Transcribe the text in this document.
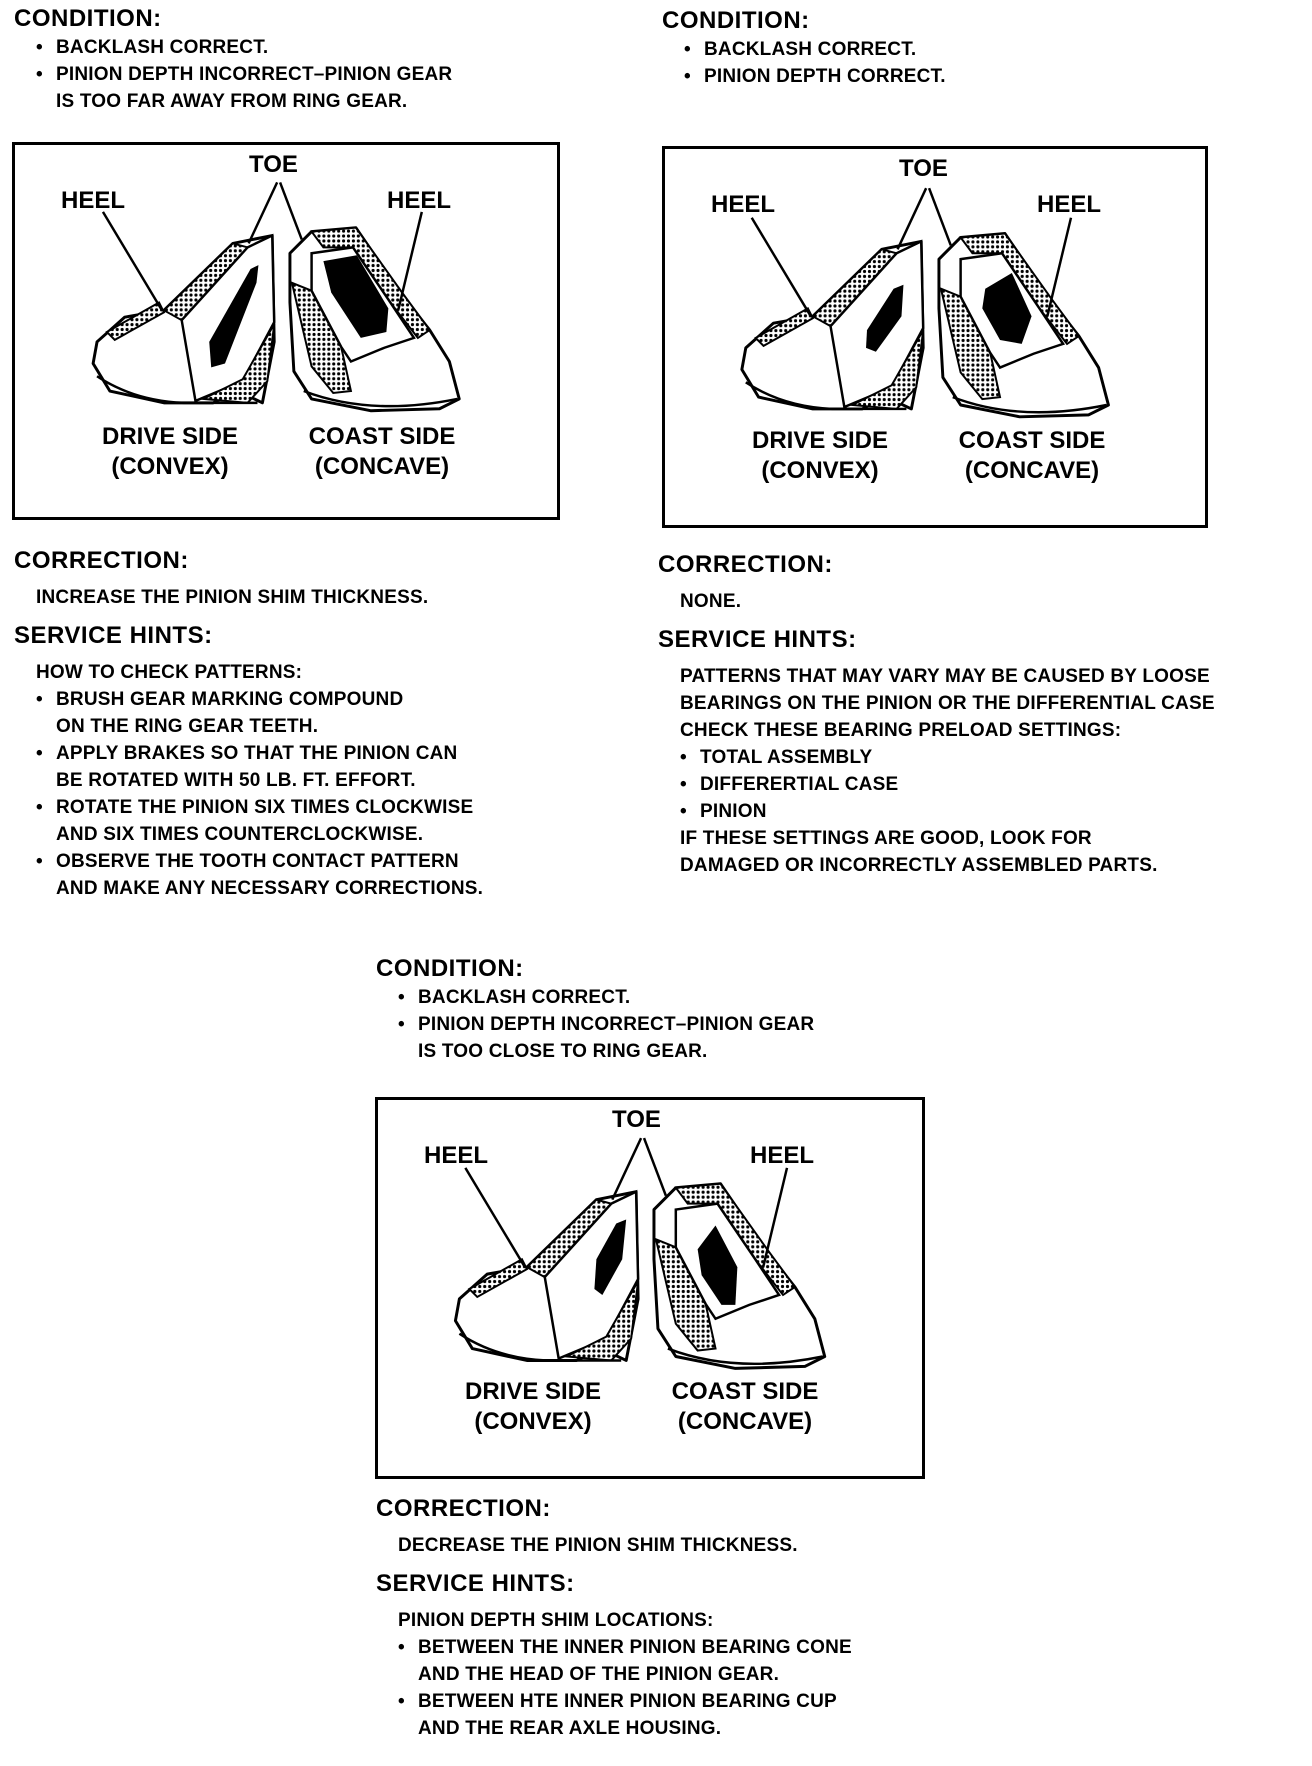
CONDITION:
• BACKLASH CORRECT.
• PINION DEPTH INCORRECT–PINION GEAR
IS TOO FAR AWAY FROM RING GEAR.
TOE
HEEL	HEEL
DRIVE SIDE
(CONVEX)
COAST SIDE
(CONCAVE)
CORRECTION:
INCREASE THE PINION SHIM THICKNESS.
SERVICE HINTS:
HOW TO CHECK PATTERNS:
• BRUSH GEAR MARKING COMPOUND
ON THE RING GEAR TEETH.
• APPLY BRAKES SO THAT THE PINION CAN
BE ROTATED WITH 50 LB. FT. EFFORT.
• ROTATE THE PINION SIX TIMES CLOCKWISE
AND SIX TIMES COUNTERCLOCKWISE.
• OBSERVE THE TOOTH CONTACT PATTERN
AND MAKE ANY NECESSARY CORRECTIONS.
CONDITION:
• BACKLASH CORRECT.
• PINION DEPTH CORRECT.
TOE
HEEL	HEEL
DRIVE SIDE
(CONVEX)
COAST SIDE
(CONCAVE)
CORRECTION:
NONE.
SERVICE HINTS:
PATTERNS THAT MAY VARY MAY BE CAUSED BY LOOSE
BEARINGS ON THE PINION OR THE DIFFERENTIAL CASE
CHECK THESE BEARING PRELOAD SETTINGS:
• TOTAL ASSEMBLY
• DIFFERERTIAL CASE
• PINION
IF THESE SETTINGS ARE GOOD, LOOK FOR
DAMAGED OR INCORRECTLY ASSEMBLED PARTS.
CONDITION:
• BACKLASH CORRECT.
• PINION DEPTH INCORRECT–PINION GEAR
IS TOO CLOSE TO RING GEAR.
TOE
HEEL	HEEL
DRIVE SIDE
(CONVEX)
COAST SIDE
(CONCAVE)
CORRECTION:
DECREASE THE PINION SHIM THICKNESS.
SERVICE HINTS:
PINION DEPTH SHIM LOCATIONS:
• BETWEEN THE INNER PINION BEARING CONE
AND THE HEAD OF THE PINION GEAR.
• BETWEEN HTE INNER PINION BEARING CUP
AND THE REAR AXLE HOUSING.
